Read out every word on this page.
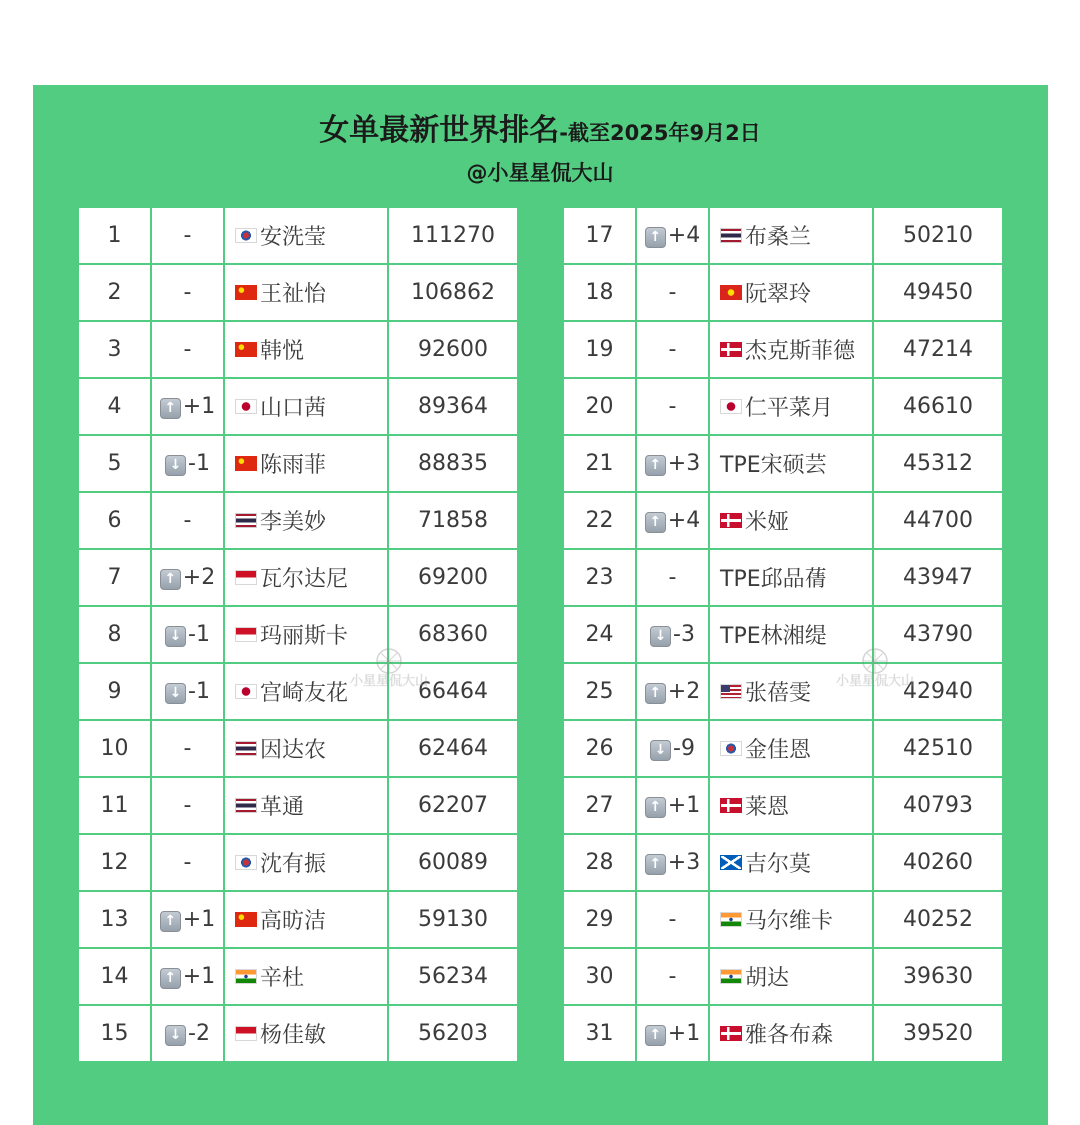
女单最新世界排名-截至2025年9月2日
@小星星侃大山
1	-	安洗莹	111270
2	-	王祉怡	106862
3	-	韩悦	92600
4	↑ +1	山口茜	89364
5	↓ -1	陈雨菲	88835
6	-	李美妙	71858
7	↑ +2	瓦尔达尼	69200
8	↓ -1	玛丽斯卡	68360
9	↓ -1	宫崎友花	66464
10	-	因达农	62464
11	-	革通	62207
12	-	沈有振	60089
13	↑ +1	高昉洁	59130
14	↑ +1	辛杜	56234
15	↓ -2	杨佳敏	56203
17	↑ +4	布桑兰	50210
18	-	阮翠玲	49450
19	-	杰克斯菲德	47214
20	-	仁平菜月	46610
21	↑ +3	TPE宋硕芸	45312
22	↑ +4	米娅	44700
23	-	TPE邱品蒨	43947
24	↓ -3	TPE林湘缇	43790
25	↑ +2	张蓓雯	42940
26	↓ -9	金佳恩	42510
27	↑ +1	莱恩	40793
28	↑ +3	吉尔莫	40260
29	-	马尔维卡	40252
30	-	胡达	39630
31	↑ +1	雅各布森	39520
小星星侃大山	小星星侃大山
